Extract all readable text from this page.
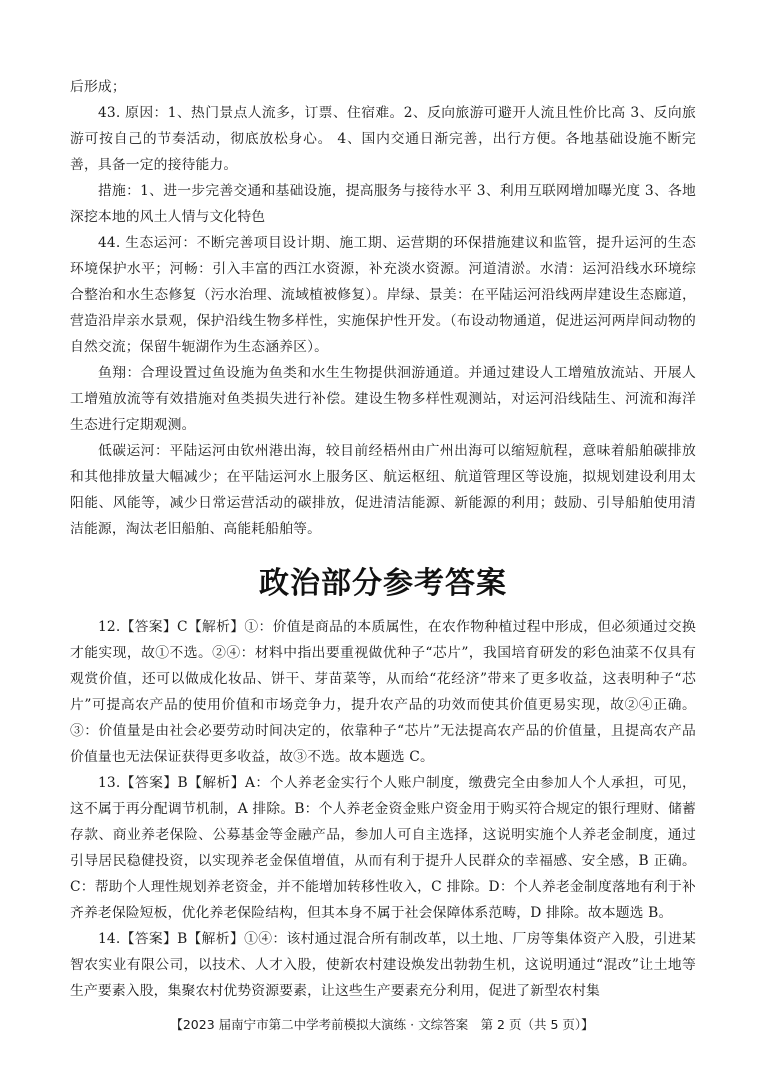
后形成；

43. 原因：1、热门景点人流多，订票、住宿难。2、反向旅游可避开人流且性价比高 3、反向旅游可按自己的节奏活动，彻底放松身心。 4、国内交通日渐完善，出行方便。各地基础设施不断完善，具备一定的接待能力。

措施：1、进一步完善交通和基础设施，提高服务与接待水平 3、利用互联网增加曝光度 3、各地深挖本地的风土人情与文化特色

44. 生态运河：不断完善项目设计期、施工期、运营期的环保措施建议和监管，提升运河的生态环境保护水平；河畅：引入丰富的西江水资源，补充淡水资源。河道清淤。水清：运河沿线水环境综合整治和水生态修复（污水治理、流域植被修复）。岸绿、景美：在平陆运河沿线两岸建设生态廊道，营造沿岸亲水景观，保护沿线生物多样性，实施保护性开发。（布设动物通道，促进运河两岸间动物的自然交流；保留牛轭湖作为生态涵养区）。

鱼翔：合理设置过鱼设施为鱼类和水生生物提供洄游通道。并通过建设人工增殖放流站、开展人工增殖放流等有效措施对鱼类损失进行补偿。建设生物多样性观测站，对运河沿线陆生、河流和海洋生态进行定期观测。

低碳运河：平陆运河由钦州港出海，较目前经梧州由广州出海可以缩短航程，意味着船舶碳排放和其他排放量大幅减少；在平陆运河水上服务区、航运枢纽、航道管理区等设施，拟规划建设利用太阳能、风能等，减少日常运营活动的碳排放，促进清洁能源、新能源的利用；鼓励、引导船舶使用清洁能源，淘汰老旧船舶、高能耗船舶等。

政治部分参考答案

12.【答案】C【解析】①：价值是商品的本质属性，在农作物种植过程中形成，但必须通过交换才能实现，故①不选。②④：材料中指出要重视做优种子“芯片”，我国培育研发的彩色油菜不仅具有观赏价值，还可以做成化妆品、饼干、芽苗菜等，从而给“花经济”带来了更多收益，这表明种子“芯片”可提高农产品的使用价值和市场竞争力，提升农产品的功效而使其价值更易实现，故②④正确。③：价值量是由社会必要劳动时间决定的，依靠种子“芯片”无法提高农产品的价值量，且提高农产品价值量也无法保证获得更多收益，故③不选。故本题选 C。

13.【答案】B【解析】A：个人养老金实行个人账户制度，缴费完全由参加人个人承担，可见，这不属于再分配调节机制，A 排除。B：个人养老金资金账户资金用于购买符合规定的银行理财、储蓄存款、商业养老保险、公募基金等金融产品，参加人可自主选择，这说明实施个人养老金制度，通过引导居民稳健投资，以实现养老金保值增值，从而有利于提升人民群众的幸福感、安全感，B 正确。C：帮助个人理性规划养老资金，并不能增加转移性收入，C 排除。D：个人养老金制度落地有利于补齐养老保险短板，优化养老保险结构，但其本身不属于社会保障体系范畴，D 排除。故本题选 B。

14.【答案】B【解析】①④：该村通过混合所有制改革，以土地、厂房等集体资产入股，引进某智农实业有限公司，以技术、人才入股，使新农村建设焕发出勃勃生机，这说明通过“混改”让土地等生产要素入股，集聚农村优势资源要素，让这些生产要素充分利用，促进了新型农村集

【2023 届南宁市第二中学考前模拟大演练 · 文综答案　第 2 页（共 5 页）】
